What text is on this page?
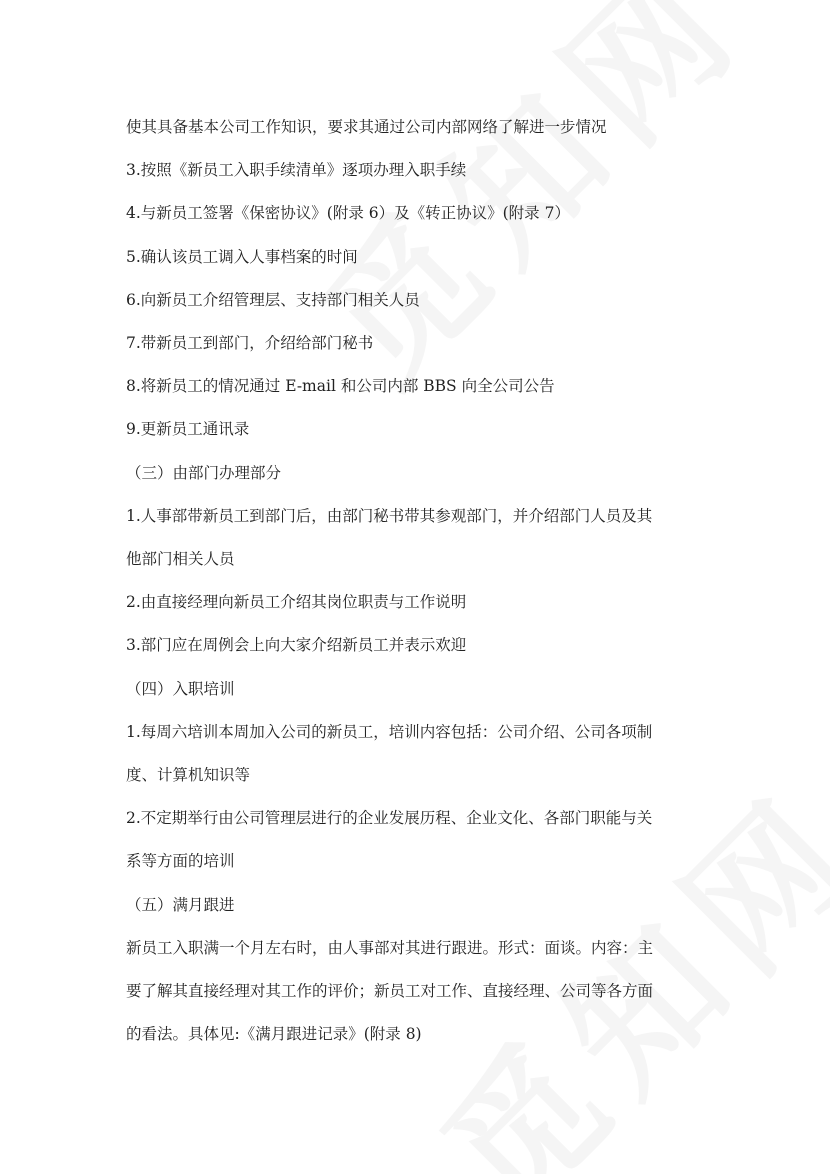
使其具备基本公司工作知识，要求其通过公司内部网络了解进一步情况

3.按照《新员工入职手续清单》逐项办理入职手续

4.与新员工签署《保密协议》(附录 6）及《转正协议》(附录 7）

5.确认该员工调入人事档案的时间

6.向新员工介绍管理层、支持部门相关人员

7.带新员工到部门，介绍给部门秘书

8.将新员工的情况通过 E-mail 和公司内部 BBS 向全公司公告

9.更新员工通讯录

（三）由部门办理部分

1.人事部带新员工到部门后，由部门秘书带其参观部门，并介绍部门人员及其

他部门相关人员

2.由直接经理向新员工介绍其岗位职责与工作说明

3.部门应在周例会上向大家介绍新员工并表示欢迎

（四）入职培训

1.每周六培训本周加入公司的新员工，培训内容包括：公司介绍、公司各项制

度、计算机知识等

2.不定期举行由公司管理层进行的企业发展历程、企业文化、各部门职能与关

系等方面的培训

（五）满月跟进

新员工入职满一个月左右时，由人事部对其进行跟进。形式：面谈。内容：主

要了解其直接经理对其工作的评价；新员工对工作、直接经理、公司等各方面

的看法。具体见:《满月跟进记录》(附录 8)
